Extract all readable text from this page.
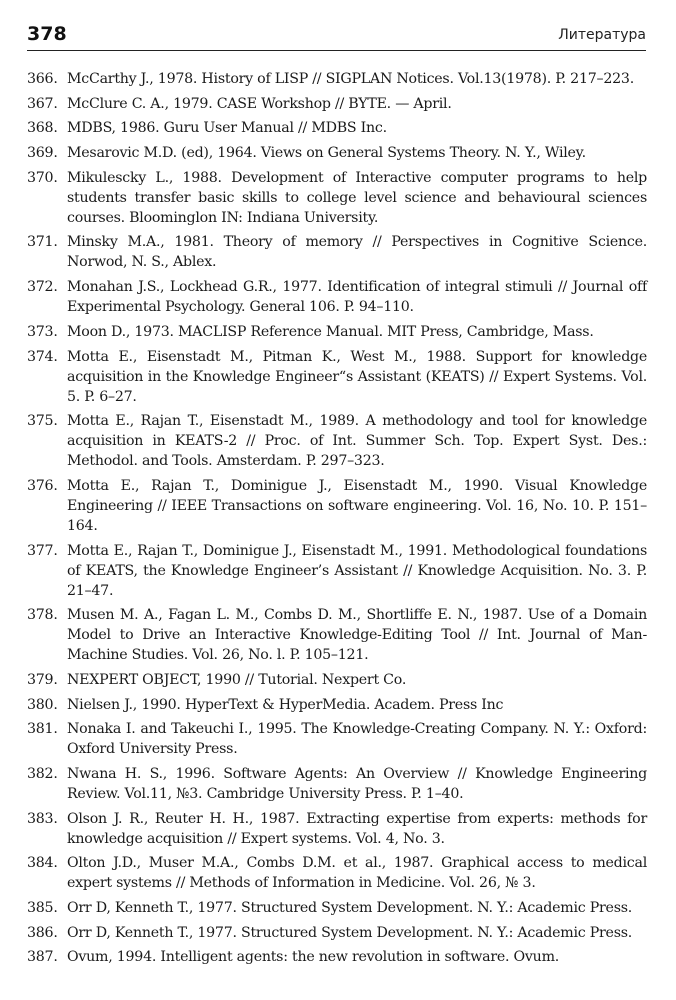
378	Литература
366. McCarthy J., 1978. History of LISP // SIGPLAN Notices. Vol.13(1978). P. 217–223.
367. McClure C. A., 1979. CASE Workshop // BYTE. — April.
368. MDBS, 1986. Guru User Manual // MDBS Inc.
369. Mesarovic M.D. (ed), 1964. Views on General Systems Theory. N. Y., Wiley.
370. Mikulescky L., 1988. Development of Interactive computer programs to help students transfer basic skills to college level science and behavioural sciences courses. Bloominglon IN: Indiana University.
371. Minsky M.A., 1981. Theory of memory // Perspectives in Cognitive Science. Norwod, N. S., Ablex.
372. Monahan J.S., Lockhead G.R., 1977. Identification of integral stimuli // Journal off Experimental Psychology. General 106. P. 94–110.
373. Moon D., 1973. MACLISP Reference Manual. MIT Press, Cambridge, Mass.
374. Motta E., Eisenstadt M., Pitman K., West M., 1988. Support for knowledge acquisition in the Knowledge Engineer“s Assistant (KEATS) // Expert Systems. Vol. 5. P. 6–27.
375. Motta E., Rajan T., Eisenstadt M., 1989. A methodology and tool for knowledge acquisition in KEATS-2 // Proc. of Int. Summer Sch. Top. Expert Syst. Des.: Methodol. and Tools. Amsterdam. P. 297–323.
376. Motta E., Rajan T., Dominigue J., Eisenstadt M., 1990. Visual Knowledge Engineering // IEEE Transactions on software engineering. Vol. 16, No. 10. P. 151–164.
377. Motta E., Rajan T., Dominigue J., Eisenstadt M., 1991. Methodological foundations of KEATS, the Knowledge Engineer’s Assistant // Knowledge Acquisition. No. 3. P. 21–47.
378. Musen M. A., Fagan L. M., Combs D. M., Shortliffe E. N., 1987. Use of a Domain Model to Drive an Interactive Knowledge-Editing Tool // Int. Journal of Man-Machine Studies. Vol. 26, No. l. P. 105–121.
379. NEXPERT OBJECT, 1990 // Tutorial. Nexpert Co.
380. Nielsen J., 1990. HyperText & HyperMedia. Academ. Press Inc
381. Nonaka I. and Takeuchi I., 1995. The Knowledge-Creating Company. N. Y.: Oxford: Oxford University Press.
382. Nwana H. S., 1996. Software Agents: An Overview // Knowledge Engineering Review. Vol.11, №3. Cambridge University Press. P. 1–40.
383. Olson J. R., Reuter H. H., 1987. Extracting expertise from experts: methods for knowledge acquisition // Expert systems. Vol. 4, No. 3.
384. Olton J.D., Muser M.A., Combs D.M. et al., 1987. Graphical access to medical expert systems // Methods of Information in Medicine. Vol. 26, № 3.
385. Orr D, Kenneth T., 1977. Structured System Development. N. Y.: Academic Press.
386. Orr D, Kenneth T., 1977. Structured System Development. N. Y.: Academic Press.
387. Ovum, 1994. Intelligent agents: the new revolution in software. Ovum.
